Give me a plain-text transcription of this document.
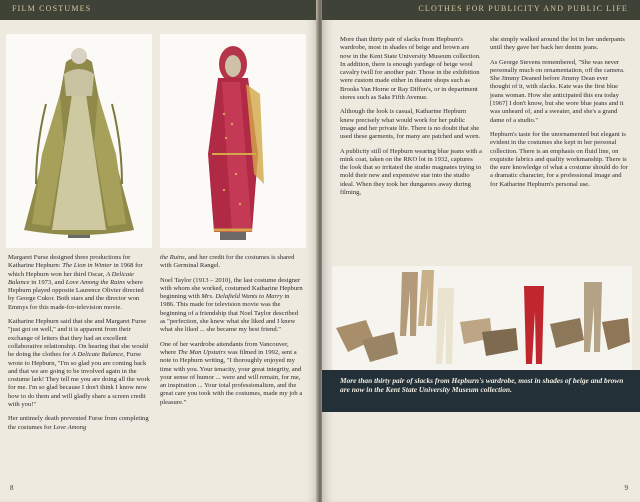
FILM COSTUMES

Margaret Furse designed three productions for Katharine Hepburn: The Lion in Winter in 1968 for which Hepburn won her third Oscar, A Delicate Balance in 1973, and Love Among the Ruins where Hepburn played opposite Laurence Olivier directed by George Cukor. Both stars and the director won Emmys for this made-for-television movie.

Katharine Hepburn said that she and Margaret Furse "just got on well," and it is apparent from their exchange of letters that they had an excellent collaborative relationship. On hearing that she would be doing the clothes for A Delicate Balance, Furse wrote to Hepburn, "I'm so glad you are coming back and that we are going to be involved again in the costume lark! They tell me you are doing all the work for me. I'm so glad because I don't think I know now how to do them and will gladly share a screen credit with you!"

Her untimely death prevented Furse from completing the costumes for Love Among

the Ruins, and her credit for the costumes is shared with Germinal Rangel.

Noel Taylor (1913 – 2010), the last costume designer with whom she worked, costumed Katharine Hepburn beginning with Mrs. Delafield Wants to Marry in 1986. This made for television movie was the beginning of a friendship that Noel Taylor described as "perfection, she knew what she liked and I knew what she liked ... she became my best friend."

One of her wardrobe attendants from Vancouver, where The Man Upstairs was filmed in 1992, sent a note to Hepburn writing, "I thoroughly enjoyed my time with you. Your tenacity, your great integrity, and your sense of humor ... were and will remain, for me, an inspiration ... Your total professionalism, and the great care you took with the costumes, made my job a pleasure."

8
CLOTHES FOR PUBLICITY AND PUBLIC LIFE

More than thirty pair of slacks from Hepburn's wardrobe, most in shades of beige and brown are now in the Kent State University Museum collection. In addition, there is enough yardage of beige wool cavalry twill for another pair. Those in the exhibition were custom made either in theatre shops such as Brooks Van Horne or Ray Diffen's, or in department stores such as Saks Fifth Avenue.

Although the look is casual, Katharine Hepburn knew precisely what would work for her public image and her private life. There is no doubt that she used these garments, for many are patched and worn.

A publicity still of Hepburn wearing blue jeans with a mink coat, taken on the RKO lot in 1932, captures the look that so irritated the studio magnates trying to mold their new and expensive star into the studio ideal. When they took her dungarees away during filming,

she simply walked around the lot in her underpants until they gave her back her denim jeans.

As George Stevens remembered, "She was never personally much on ornamentation, off the camera. She Jimmy Deaned before Jimmy Dean ever thought of it, with slacks. Kate was the first blue jeans woman. How she anticipated this era today [1967] I don't know, but she wore blue jeans and it was unheard of, and a sweater, and she's a grand dame of a studio."

Hepburn's taste for the unornamented but elegant is evident in the costumes she kept in her personal collection. There is an emphasis on fluid line, on exquisite fabrics and quality workmanship. There is the sure knowledge of what a costume should do for a dramatic character, for a professional image and for Katharine Hepburn's personal use.

More than thirty pair of slacks from Hepburn's wardrobe, most in shades of beige and brown are now in the Kent State University Museum collection.
9
